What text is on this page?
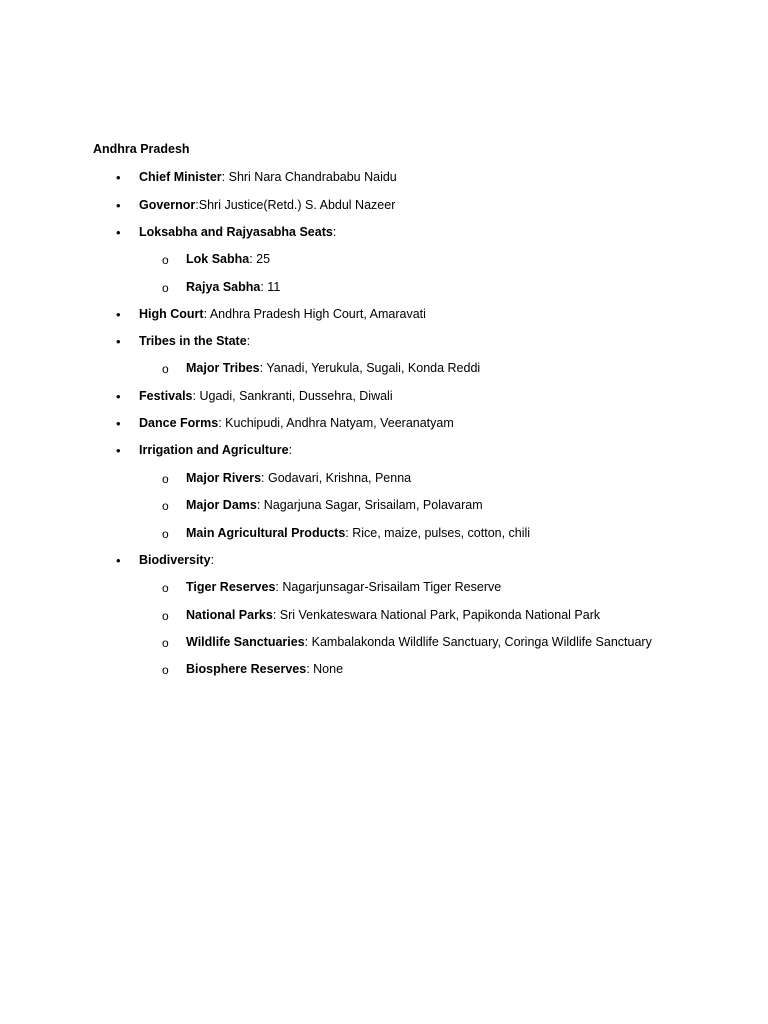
Andhra Pradesh
• Chief Minister: Shri Nara Chandrababu Naidu
• Governor:Shri Justice(Retd.) S. Abdul Nazeer
• Loksabha and Rajyasabha Seats:
o Lok Sabha: 25
o Rajya Sabha: 11
• High Court: Andhra Pradesh High Court, Amaravati
• Tribes in the State:
o Major Tribes: Yanadi, Yerukula, Sugali, Konda Reddi
• Festivals: Ugadi, Sankranti, Dussehra, Diwali
• Dance Forms: Kuchipudi, Andhra Natyam, Veeranatyam
• Irrigation and Agriculture:
o Major Rivers: Godavari, Krishna, Penna
o Major Dams: Nagarjuna Sagar, Srisailam, Polavaram
o Main Agricultural Products: Rice, maize, pulses, cotton, chili
• Biodiversity:
o Tiger Reserves: Nagarjunsagar-Srisailam Tiger Reserve
o National Parks: Sri Venkateswara National Park, Papikonda National Park
o Wildlife Sanctuaries: Kambalakonda Wildlife Sanctuary, Coringa Wildlife Sanctuary
o Biosphere Reserves: None
